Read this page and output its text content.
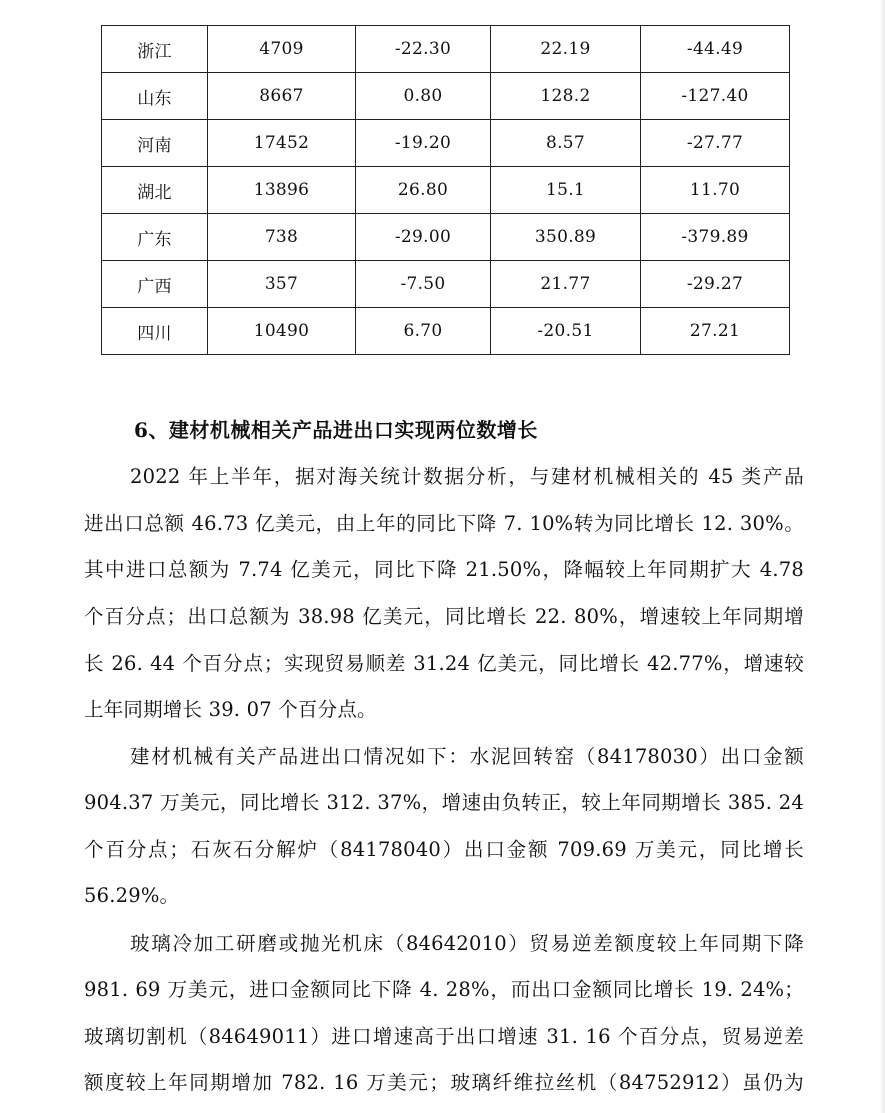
浙江	4709	-22.30	22.19	-44.49
山东	8667	0.80	128.2	-127.40
河南	17452	-19.20	8.57	-27.77
湖北	13896	26.80	15.1	11.70
广东	738	-29.00	350.89	-379.89
广西	357	-7.50	21.77	-29.27
四川	10490	6.70	-20.51	27.21
6、建材机械相关产品进出口实现两位数增长
2022 年上半年，据对海关统计数据分析，与建材机械相关的 45 类产品
进出口总额 46.73 亿美元，由上年的同比下降 7. 10%转为同比增长 12. 30%。
其中进口总额为 7.74 亿美元，同比下降 21.50%，降幅较上年同期扩大 4.78
个百分点；出口总额为 38.98 亿美元，同比增长 22. 80%，增速较上年同期增
长 26. 44 个百分点；实现贸易顺差 31.24 亿美元，同比增长 42.77%，增速较
上年同期增长 39. 07 个百分点。
建材机械有关产品进出口情况如下：水泥回转窑（84178030）出口金额
904.37 万美元，同比增长 312. 37%，增速由负转正，较上年同期增长 385. 24
个百分点；石灰石分解炉（84178040）出口金额 709.69 万美元，同比增长
56.29%。
玻璃冷加工研磨或抛光机床（84642010）贸易逆差额度较上年同期下降
981. 69 万美元，进口金额同比下降 4. 28%，而出口金额同比增长 19. 24%；
玻璃切割机（84649011）进口增速高于出口增速 31. 16 个百分点，贸易逆差
额度较上年同期增加 782. 16 万美元；玻璃纤维拉丝机（84752912）虽仍为
